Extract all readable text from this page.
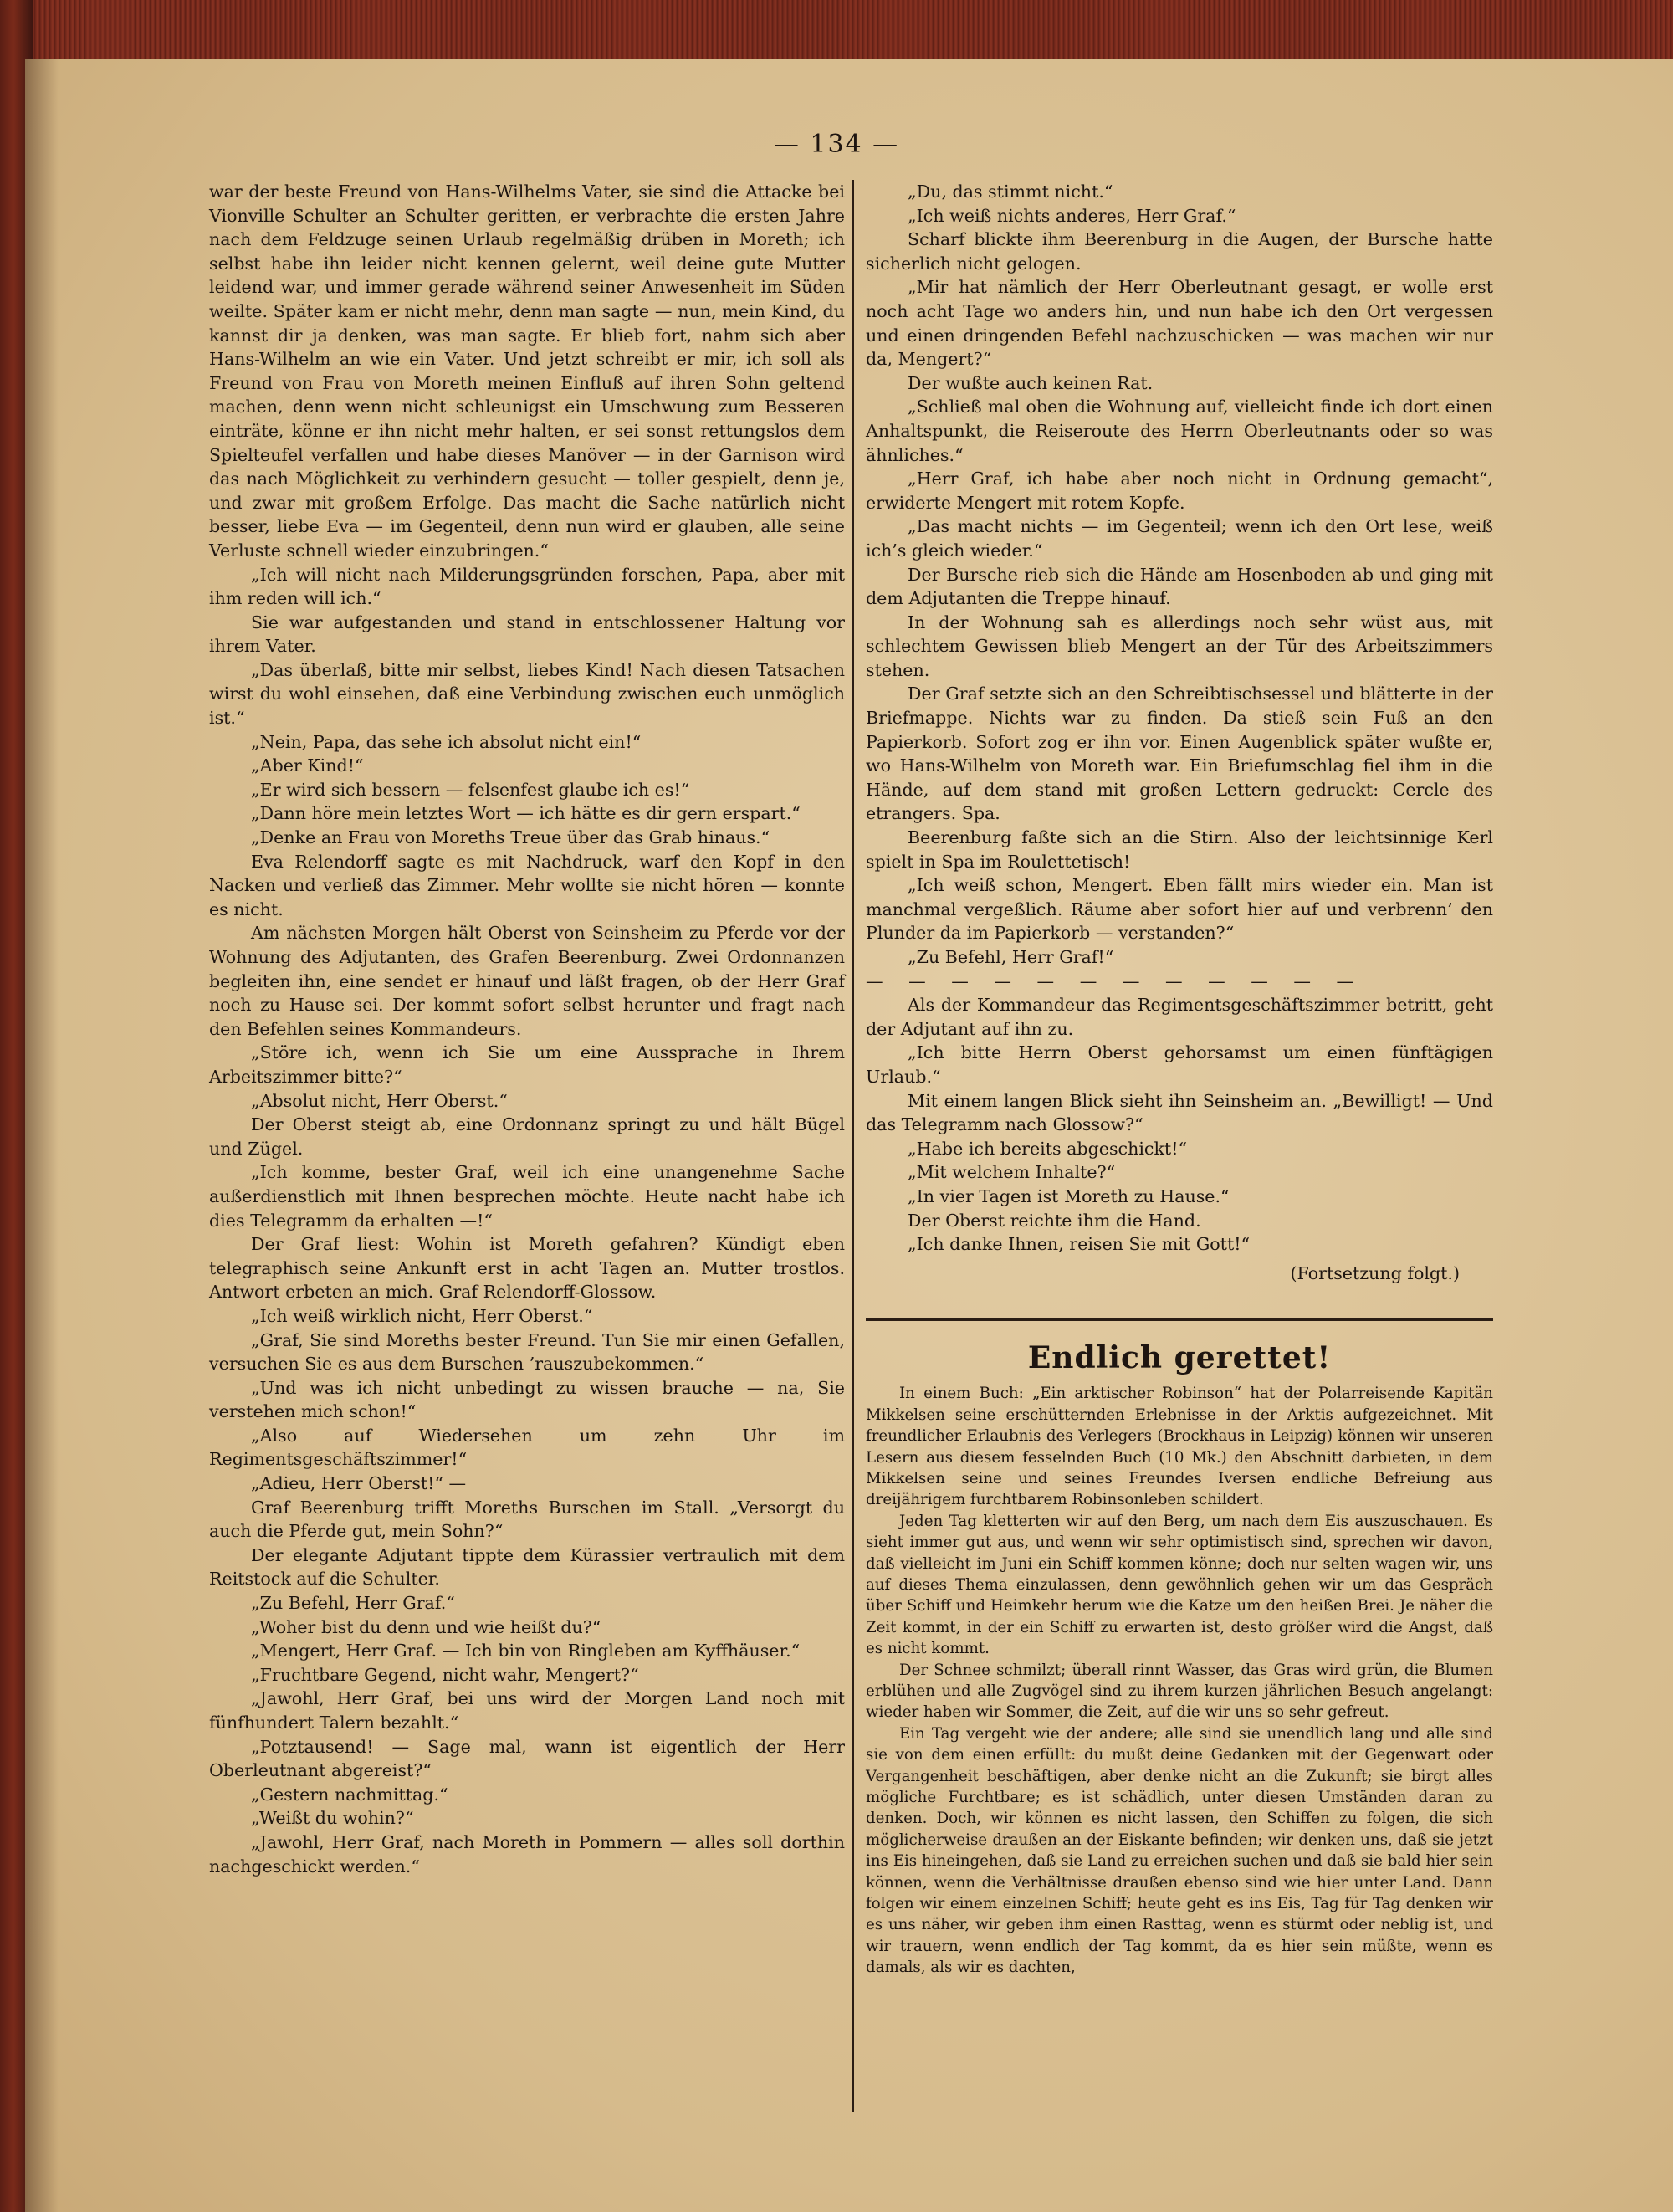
— 134 —

war der beste Freund von Hans-Wilhelms Vater, sie sind die Attacke bei Vionville Schulter an Schulter geritten, er verbrachte die ersten Jahre nach dem Feldzuge seinen Urlaub regelmäßig drüben in Moreth; ich selbst habe ihn leider nicht kennen gelernt, weil deine gute Mutter leidend war, und immer gerade während seiner Anwesenheit im Süden weilte. Später kam er nicht mehr, denn man sagte — nun, mein Kind, du kannst dir ja denken, was man sagte. Er blieb fort, nahm sich aber Hans-Wilhelm an wie ein Vater. Und jetzt schreibt er mir, ich soll als Freund von Frau von Moreth meinen Einfluß auf ihren Sohn geltend machen, denn wenn nicht schleunigst ein Umschwung zum Besseren einträte, könne er ihn nicht mehr halten, er sei sonst rettungslos dem Spielteufel verfallen und habe dieses Manöver — in der Garnison wird das nach Möglichkeit zu verhindern gesucht — toller gespielt, denn je, und zwar mit großem Erfolge. Das macht die Sache natürlich nicht besser, liebe Eva — im Gegenteil, denn nun wird er glauben, alle seine Verluste schnell wieder einzubringen.“

„Ich will nicht nach Milderungsgründen forschen, Papa, aber mit ihm reden will ich.“

Sie war aufgestanden und stand in entschlossener Haltung vor ihrem Vater.

„Das überlaß, bitte mir selbst, liebes Kind! Nach diesen Tatsachen wirst du wohl einsehen, daß eine Verbindung zwischen euch unmöglich ist.“

„Nein, Papa, das sehe ich absolut nicht ein!“

„Aber Kind!“

„Er wird sich bessern — felsenfest glaube ich es!“

„Dann höre mein letztes Wort — ich hätte es dir gern erspart.“

„Denke an Frau von Moreths Treue über das Grab hinaus.“

Eva Relendorff sagte es mit Nachdruck, warf den Kopf in den Nacken und verließ das Zimmer. Mehr wollte sie nicht hören — konnte es nicht.

Am nächsten Morgen hält Oberst von Seinsheim zu Pferde vor der Wohnung des Adjutanten, des Grafen Beerenburg. Zwei Ordonnanzen begleiten ihn, eine sendet er hinauf und läßt fragen, ob der Herr Graf noch zu Hause sei. Der kommt sofort selbst herunter und fragt nach den Befehlen seines Kommandeurs.

„Störe ich, wenn ich Sie um eine Aussprache in Ihrem Arbeitszimmer bitte?“

„Absolut nicht, Herr Oberst.“

Der Oberst steigt ab, eine Ordonnanz springt zu und hält Bügel und Zügel.

„Ich komme, bester Graf, weil ich eine unangenehme Sache außerdienstlich mit Ihnen besprechen möchte. Heute nacht habe ich dies Telegramm da erhalten —!“

Der Graf liest: Wohin ist Moreth gefahren? Kündigt eben telegraphisch seine Ankunft erst in acht Tagen an. Mutter trostlos. Antwort erbeten an mich. Graf Relendorff-Glossow.

„Ich weiß wirklich nicht, Herr Oberst.“

„Graf, Sie sind Moreths bester Freund. Tun Sie mir einen Gefallen, versuchen Sie es aus dem Burschen ’rauszubekommen.“

„Und was ich nicht unbedingt zu wissen brauche — na, Sie verstehen mich schon!“

„Also auf Wiedersehen um zehn Uhr im Regimentsgeschäftszimmer!“

„Adieu, Herr Oberst!“ —

Graf Beerenburg trifft Moreths Burschen im Stall. „Versorgt du auch die Pferde gut, mein Sohn?“

Der elegante Adjutant tippte dem Kürassier vertraulich mit dem Reitstock auf die Schulter.

„Zu Befehl, Herr Graf.“

„Woher bist du denn und wie heißt du?“

„Mengert, Herr Graf. — Ich bin von Ringleben am Kyffhäuser.“

„Fruchtbare Gegend, nicht wahr, Mengert?“

„Jawohl, Herr Graf, bei uns wird der Morgen Land noch mit fünfhundert Talern bezahlt.“

„Potztausend! — Sage mal, wann ist eigentlich der Herr Oberleutnant abgereist?“

„Gestern nachmittag.“

„Weißt du wohin?“

„Jawohl, Herr Graf, nach Moreth in Pommern — alles soll dorthin nachgeschickt werden.“

„Du, das stimmt nicht.“

„Ich weiß nichts anderes, Herr Graf.“

Scharf blickte ihm Beerenburg in die Augen, der Bursche hatte sicherlich nicht gelogen.

„Mir hat nämlich der Herr Oberleutnant gesagt, er wolle erst noch acht Tage wo anders hin, und nun habe ich den Ort vergessen und einen dringenden Befehl nachzuschicken — was machen wir nur da, Mengert?“

Der wußte auch keinen Rat.

„Schließ mal oben die Wohnung auf, vielleicht finde ich dort einen Anhaltspunkt, die Reiseroute des Herrn Oberleutnants oder so was ähnliches.“

„Herr Graf, ich habe aber noch nicht in Ordnung gemacht“, erwiderte Mengert mit rotem Kopfe.

„Das macht nichts — im Gegenteil; wenn ich den Ort lese, weiß ich’s gleich wieder.“

Der Bursche rieb sich die Hände am Hosenboden ab und ging mit dem Adjutanten die Treppe hinauf.

In der Wohnung sah es allerdings noch sehr wüst aus, mit schlechtem Gewissen blieb Mengert an der Tür des Arbeitszimmers stehen.

Der Graf setzte sich an den Schreibtischsessel und blätterte in der Briefmappe. Nichts war zu finden. Da stieß sein Fuß an den Papierkorb. Sofort zog er ihn vor. Einen Augenblick später wußte er, wo Hans-Wilhelm von Moreth war. Ein Briefumschlag fiel ihm in die Hände, auf dem stand mit großen Lettern gedruckt: Cercle des etrangers. Spa.

Beerenburg faßte sich an die Stirn. Also der leichtsinnige Kerl spielt in Spa im Roulettetisch!

„Ich weiß schon, Mengert. Eben fällt mirs wieder ein. Man ist manchmal vergeßlich. Räume aber sofort hier auf und verbrenn’ den Plunder da im Papierkorb — verstanden?“

„Zu Befehl, Herr Graf!“

— — — — — — — — — — — —

Als der Kommandeur das Regimentsgeschäftszimmer betritt, geht der Adjutant auf ihn zu.

„Ich bitte Herrn Oberst gehorsamst um einen fünftägigen Urlaub.“

Mit einem langen Blick sieht ihn Seinsheim an. „Bewilligt! — Und das Telegramm nach Glossow?“

„Habe ich bereits abgeschickt!“

„Mit welchem Inhalte?“

„In vier Tagen ist Moreth zu Hause.“

Der Oberst reichte ihm die Hand.

„Ich danke Ihnen, reisen Sie mit Gott!“

(Fortsetzung folgt.)

Endlich gerettet!

In einem Buch: „Ein arktischer Robinson“ hat der Polarreisende Kapitän Mikkelsen seine erschütternden Erlebnisse in der Arktis aufgezeichnet. Mit freundlicher Erlaubnis des Verlegers (Brockhaus in Leipzig) können wir unseren Lesern aus diesem fesselnden Buch (10 Mk.) den Abschnitt darbieten, in dem Mikkelsen seine und seines Freundes Iversen endliche Befreiung aus dreijährigem furchtbarem Robinsonleben schildert.

Jeden Tag kletterten wir auf den Berg, um nach dem Eis auszuschauen. Es sieht immer gut aus, und wenn wir sehr optimistisch sind, sprechen wir davon, daß vielleicht im Juni ein Schiff kommen könne; doch nur selten wagen wir, uns auf dieses Thema einzulassen, denn gewöhnlich gehen wir um das Gespräch über Schiff und Heimkehr herum wie die Katze um den heißen Brei. Je näher die Zeit kommt, in der ein Schiff zu erwarten ist, desto größer wird die Angst, daß es nicht kommt.

Der Schnee schmilzt; überall rinnt Wasser, das Gras wird grün, die Blumen erblühen und alle Zugvögel sind zu ihrem kurzen jährlichen Besuch angelangt: wieder haben wir Sommer, die Zeit, auf die wir uns so sehr gefreut.

Ein Tag vergeht wie der andere; alle sind sie unendlich lang und alle sind sie von dem einen erfüllt: du mußt deine Gedanken mit der Gegenwart oder Vergangenheit beschäftigen, aber denke nicht an die Zukunft; sie birgt alles mögliche Furchtbare; es ist schädlich, unter diesen Umständen daran zu denken. Doch, wir können es nicht lassen, den Schiffen zu folgen, die sich möglicherweise draußen an der Eiskante befinden; wir denken uns, daß sie jetzt ins Eis hineingehen, daß sie Land zu erreichen suchen und daß sie bald hier sein können, wenn die Verhältnisse draußen ebenso sind wie hier unter Land. Dann folgen wir einem einzelnen Schiff; heute geht es ins Eis, Tag für Tag denken wir es uns näher, wir geben ihm einen Rasttag, wenn es stürmt oder neblig ist, und wir trauern, wenn endlich der Tag kommt, da es hier sein müßte, wenn es damals, als wir es dachten,
